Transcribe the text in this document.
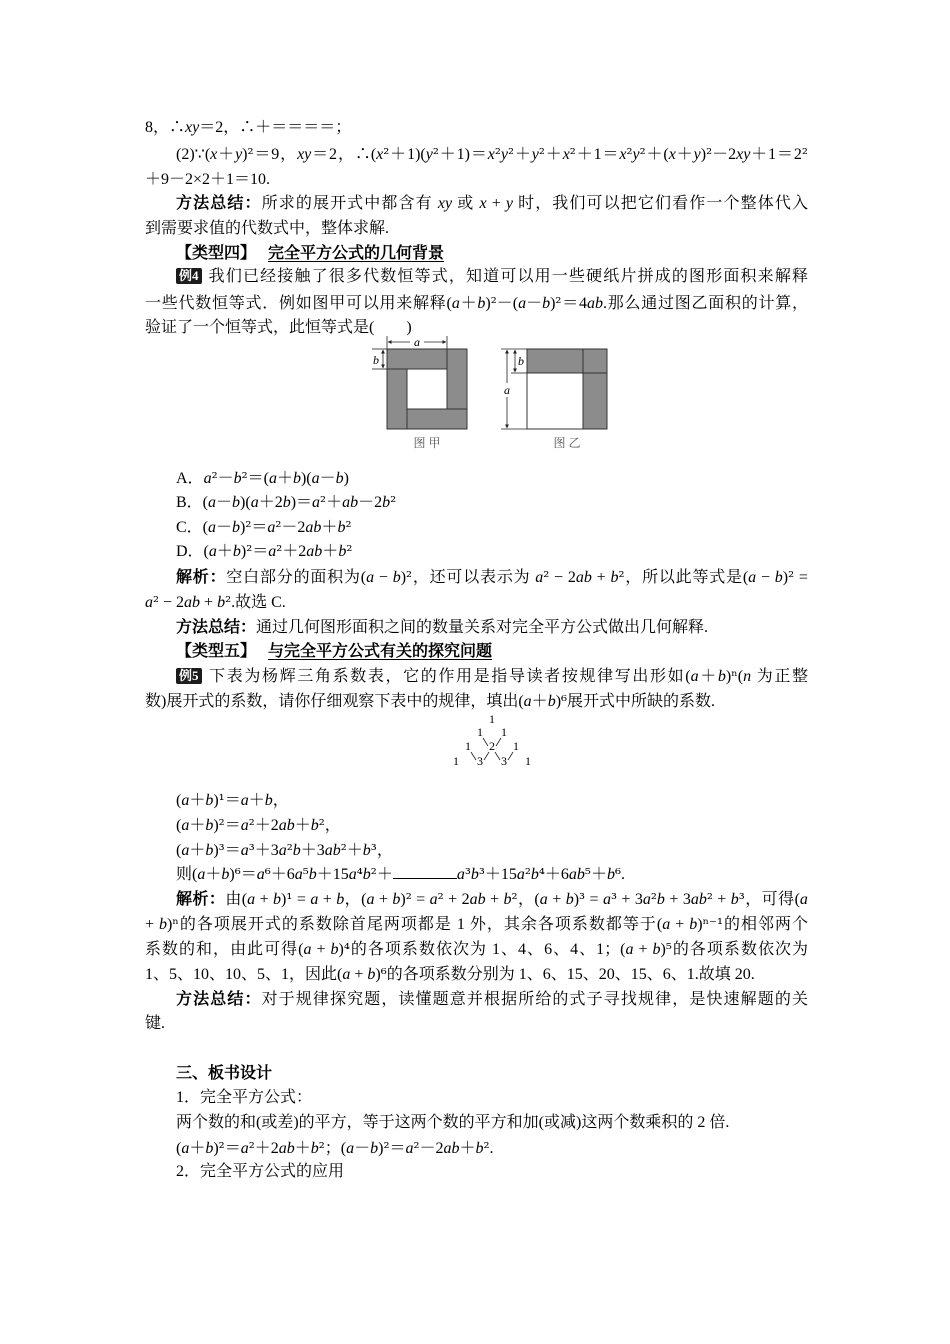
8，∴xy＝2，∴＋＝＝＝＝；
(2)∵(x＋y)²＝9，xy＝2，∴(x²＋1)(y²＋1)＝x²y²＋y²＋x²＋1＝x²y²＋(x＋y)²－2xy＋1＝2²
＋9－2×2＋1＝10.
方法总结：所求的展开式中都含有 xy 或 x + y 时，我们可以把它们看作一个整体代入
到需要求值的代数式中，整体求解.
【类型四】 完全平方公式的几何背景
例4 我们已经接触了很多代数恒等式，知道可以用一些硬纸片拼成的图形面积来解释
一些代数恒等式．例如图甲可以用来解释(a＋b)²－(a－b)²＝4ab.那么通过图乙面积的计算，
验证了一个恒等式，此恒等式是(　　)
a
b
图 甲
a
b
图 乙
A．a²－b²＝(a＋b)(a－b)
B．(a－b)(a＋2b)＝a²＋ab－2b²
C．(a－b)²＝a²－2ab＋b²
D．(a＋b)²＝a²＋2ab＋b²
解析：空白部分的面积为(a − b)²，还可以表示为 a² − 2ab + b²，所以此等式是(a − b)² =
a² − 2ab + b².故选 C.
方法总结：通过几何图形面积之间的数量关系对完全平方公式做出几何解释.
【类型五】 与完全平方公式有关的探究问题
例5 下表为杨辉三角系数表，它的作用是指导读者按规律写出形如(a＋b)ⁿ(n 为正整
数)展开式的系数，请你仔细观察下表中的规律，填出(a＋b)⁶展开式中所缺的系数.
1
1 1
1 2 1
1 3 3 1
(a＋b)¹＝a＋b，
(a＋b)²＝a²＋2ab＋b²，
(a＋b)³＝a³＋3a²b＋3ab²＋b³，
则(a＋b)⁶＝a⁶＋6a⁵b＋15a⁴b²＋	a³b³＋15a²b⁴＋6ab⁵＋b⁶.
解析：由(a + b)¹ = a + b，(a + b)² = a² + 2ab + b²，(a + b)³ = a³ + 3a²b + 3ab² + b³，可得(a
+ b)ⁿ的各项展开式的系数除首尾两项都是 1 外，其余各项系数都等于(a + b)ⁿ⁻¹的相邻两个
系数的和，由此可得(a + b)⁴的各项系数依次为 1、4、6、4、1；(a + b)⁵的各项系数依次为
1、5、10、10、5、1，因此(a + b)⁶的各项系数分别为 1、6、15、20、15、6、1.故填 20.
方法总结：对于规律探究题，读懂题意并根据所给的式子寻找规律，是快速解题的关
键.
三、板书设计
1．完全平方公式：
两个数的和(或差)的平方，等于这两个数的平方和加(或减)这两个数乘积的 2 倍.
(a＋b)²＝a²＋2ab＋b²；(a－b)²＝a²－2ab＋b².
2．完全平方公式的应用
